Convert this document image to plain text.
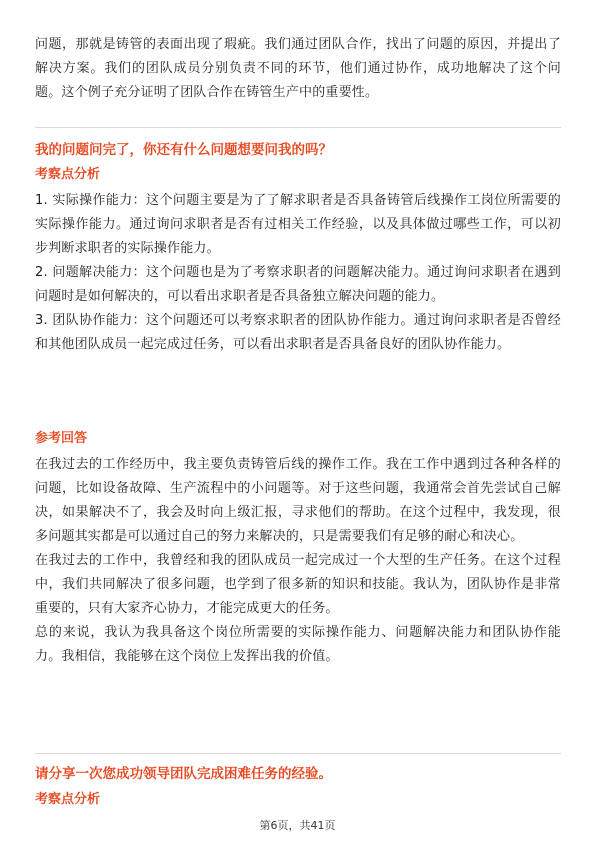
问题，那就是铸管的表面出现了瑕疵。我们通过团队合作，找出了问题的原因，并提出了解决方案。我们的团队成员分别负责不同的环节，他们通过协作，成功地解决了这个问题。这个例子充分证明了团队合作在铸管生产中的重要性。

我的问题问完了，你还有什么问题想要问我的吗？

考察点分析

1. 实际操作能力：这个问题主要是为了了解求职者是否具备铸管后线操作工岗位所需要的实际操作能力。通过询问求职者是否有过相关工作经验，以及具体做过哪些工作，可以初步判断求职者的实际操作能力。

2. 问题解决能力：这个问题也是为了考察求职者的问题解决能力。通过询问求职者在遇到问题时是如何解决的，可以看出求职者是否具备独立解决问题的能力。

3. 团队协作能力：这个问题还可以考察求职者的团队协作能力。通过询问求职者是否曾经和其他团队成员一起完成过任务，可以看出求职者是否具备良好的团队协作能力。

参考回答

在我过去的工作经历中，我主要负责铸管后线的操作工作。我在工作中遇到过各种各样的问题，比如设备故障、生产流程中的小问题等。对于这些问题，我通常会首先尝试自己解决，如果解决不了，我会及时向上级汇报，寻求他们的帮助。在这个过程中，我发现，很多问题其实都是可以通过自己的努力来解决的，只是需要我们有足够的耐心和决心。

在我过去的工作中，我曾经和我的团队成员一起完成过一个大型的生产任务。在这个过程中，我们共同解决了很多问题，也学到了很多新的知识和技能。我认为，团队协作是非常重要的，只有大家齐心协力，才能完成更大的任务。

总的来说，我认为我具备这个岗位所需要的实际操作能力、问题解决能力和团队协作能力。我相信，我能够在这个岗位上发挥出我的价值。

请分享一次您成功领导团队完成困难任务的经验。

考察点分析

第6页，共41页
